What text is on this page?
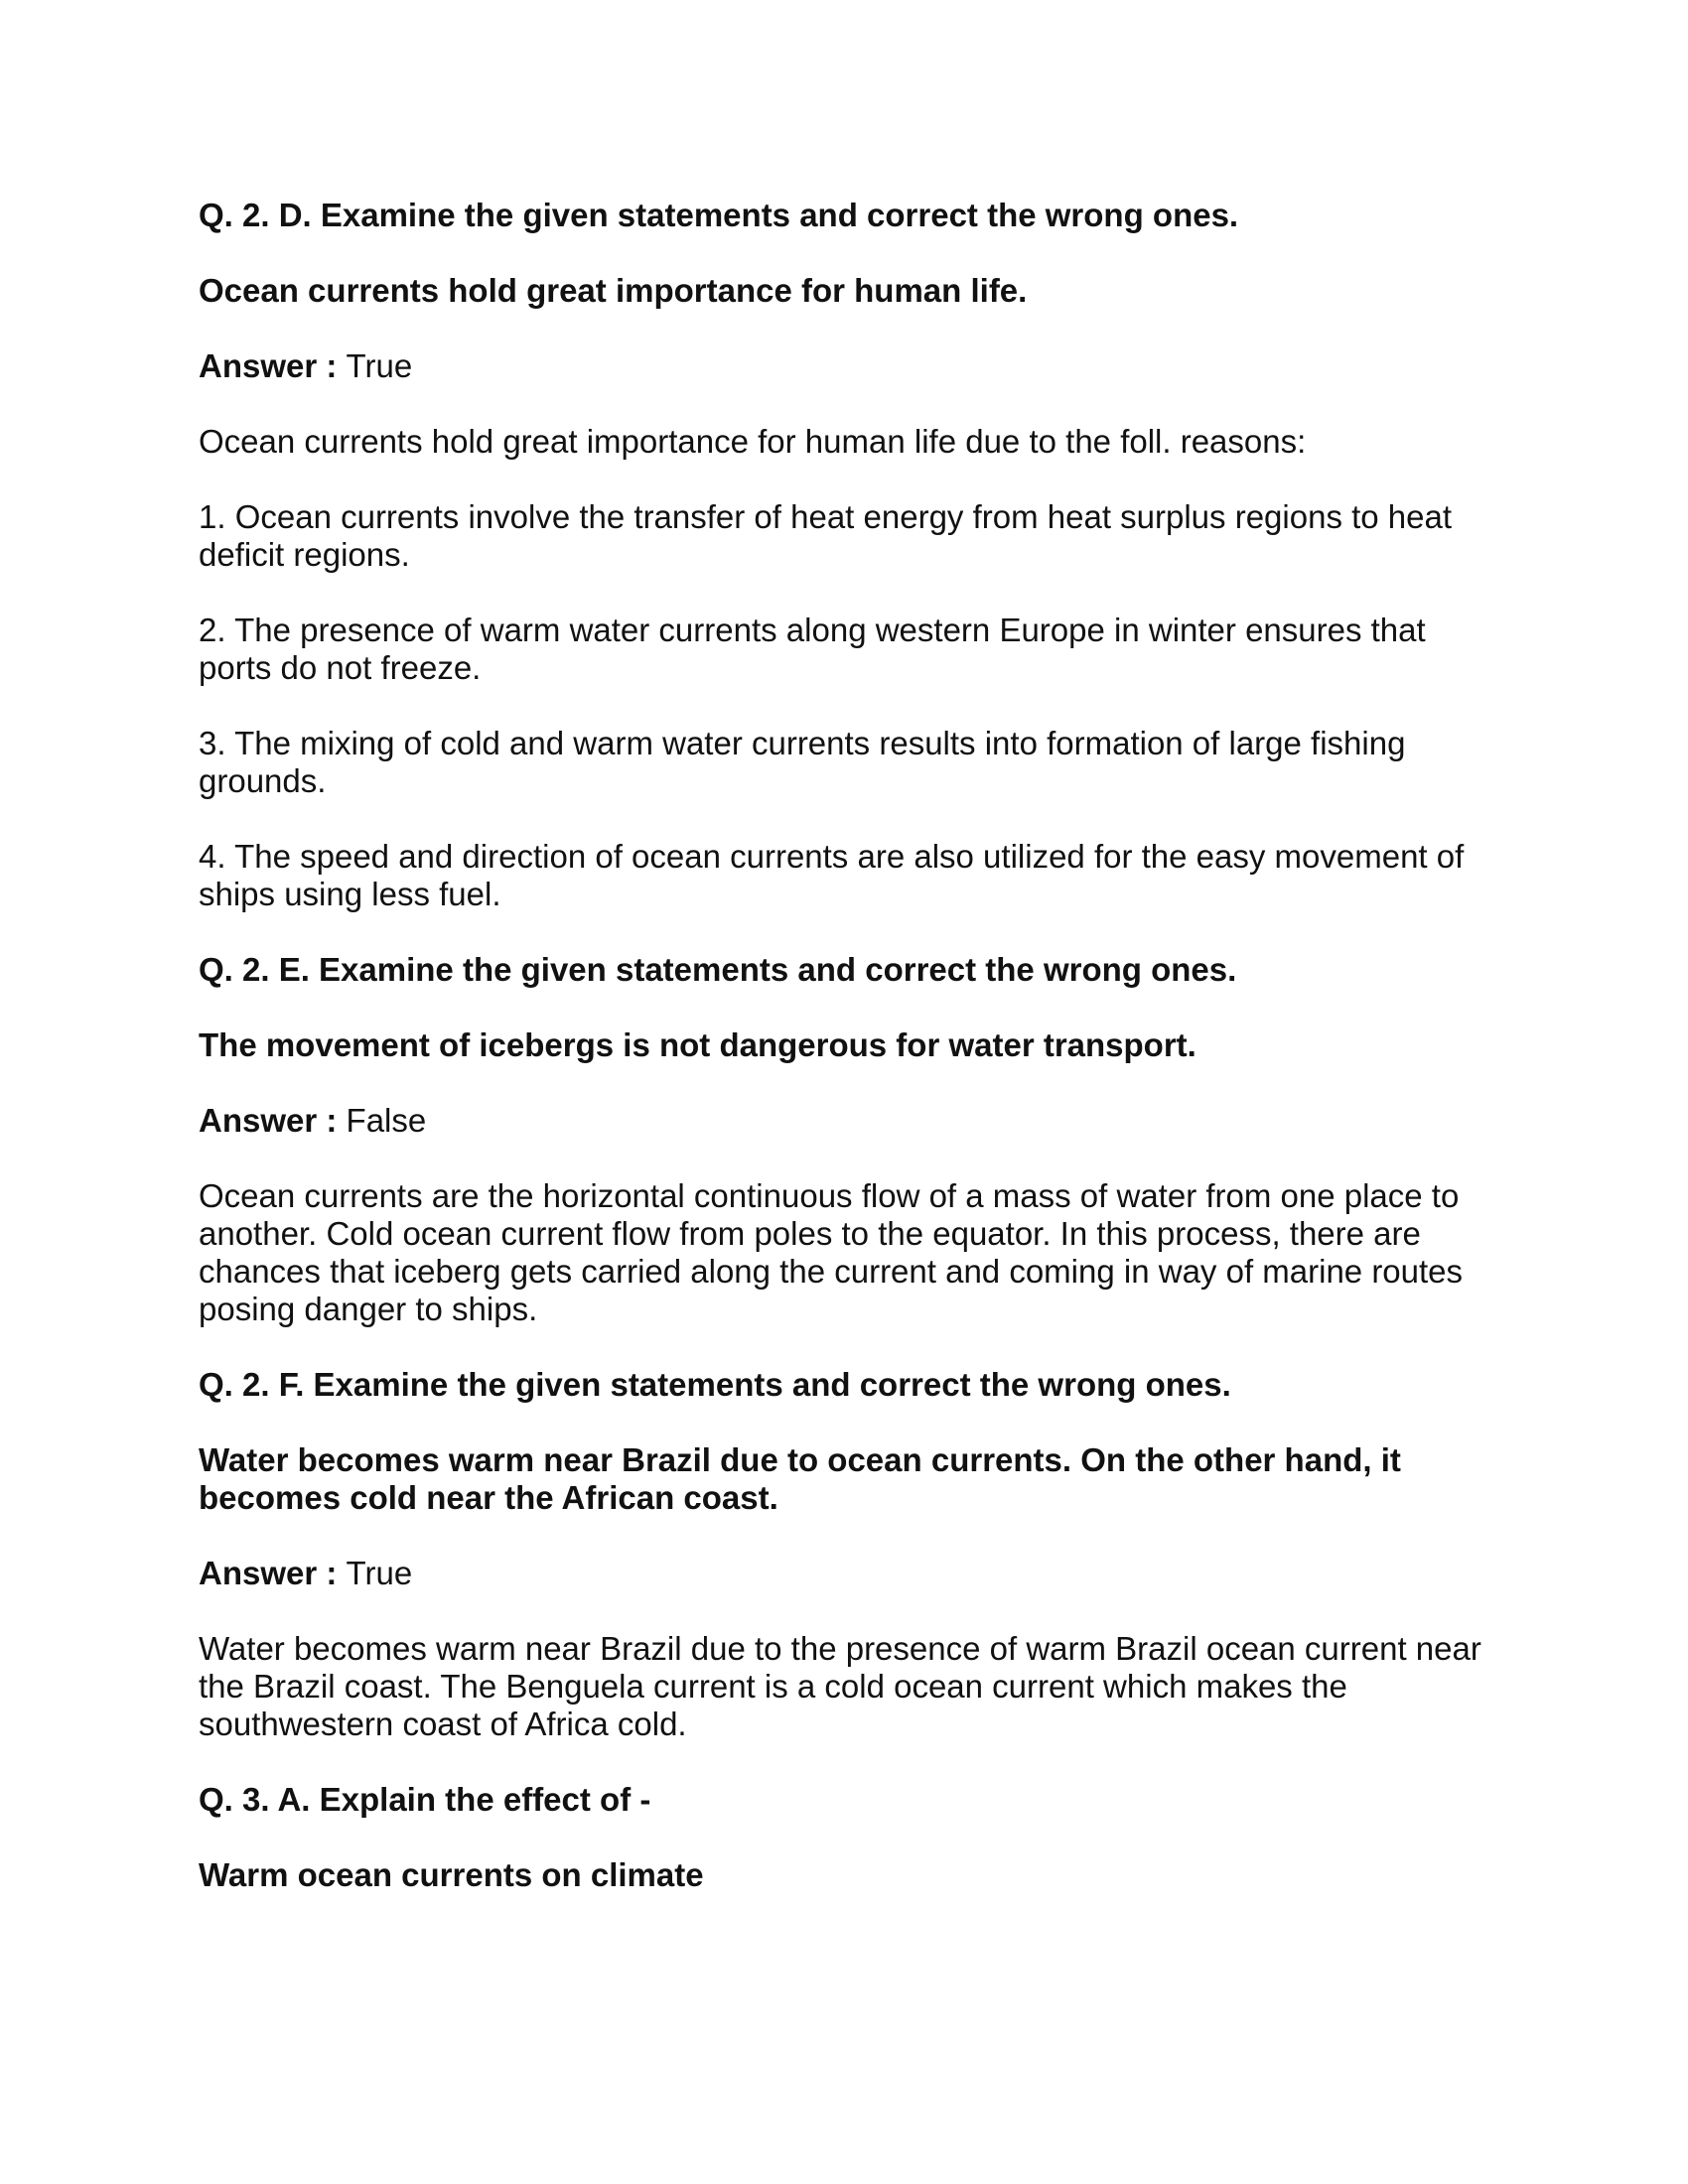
Q. 2. D. Examine the given statements and correct the wrong ones.

Ocean currents hold great importance for human life.

Answer : True

Ocean currents hold great importance for human life due to the foll. reasons:

1. Ocean currents involve the transfer of heat energy from heat surplus regions to heat deficit regions.

2. The presence of warm water currents along western Europe in winter ensures that ports do not freeze.

3. The mixing of cold and warm water currents results into formation of large fishing grounds.

4. The speed and direction of ocean currents are also utilized for the easy movement of ships using less fuel.

Q. 2. E. Examine the given statements and correct the wrong ones.

The movement of icebergs is not dangerous for water transport.

Answer : False

Ocean currents are the horizontal continuous flow of a mass of water from one place to another. Cold ocean current flow from poles to the equator. In this process, there are chances that iceberg gets carried along the current and coming in way of marine routes posing danger to ships.

Q. 2. F. Examine the given statements and correct the wrong ones.

Water becomes warm near Brazil due to ocean currents. On the other hand, it becomes cold near the African coast.

Answer : True

Water becomes warm near Brazil due to the presence of warm Brazil ocean current near the Brazil coast. The Benguela current is a cold ocean current which makes the southwestern coast of Africa cold.

Q. 3. A. Explain the effect of -

Warm ocean currents on climate
